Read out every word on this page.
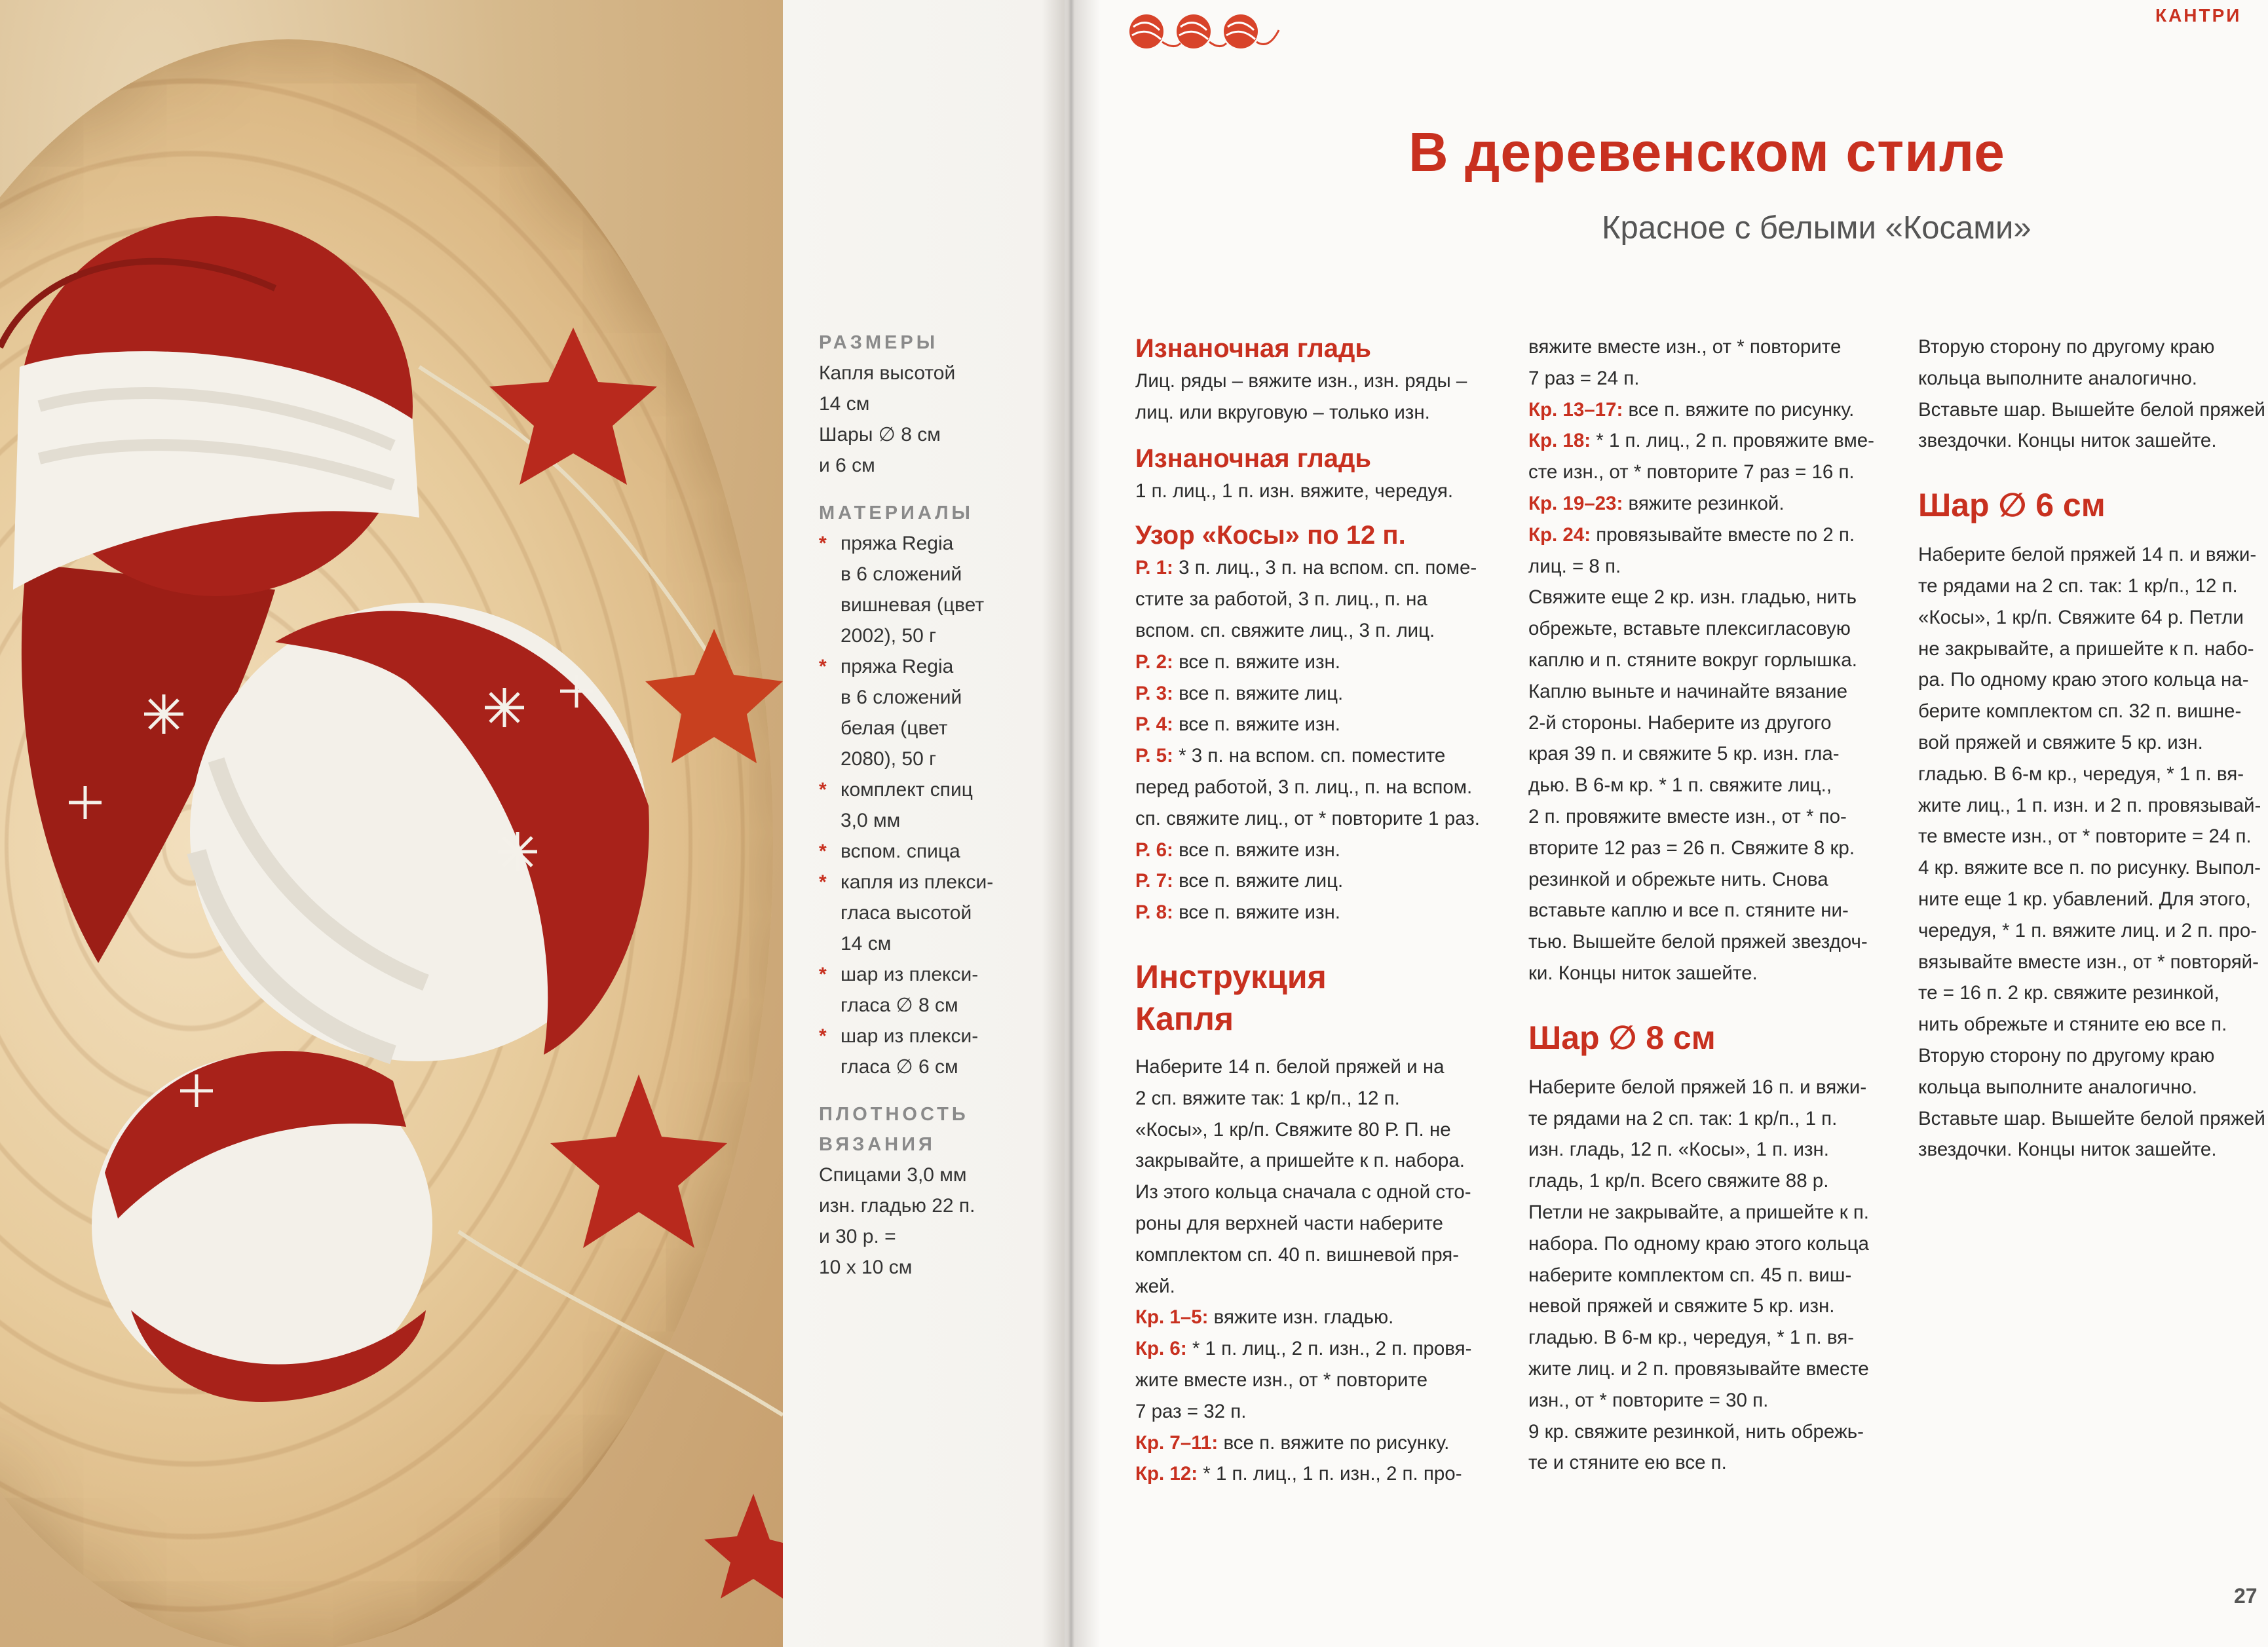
РАЗМЕРЫ
Капля высотой
14 см
Шары ∅ 8 см
и 6 см
МАТЕРИАЛЫ
* пряжа Regia
в 6 сложений
вишневая (цвет
2002), 50 г
* пряжа Regia
в 6 сложений
белая (цвет
2080), 50 г
* комплект спиц
3,0 мм
* вспом. спица
* капля из плекси-
гласа высотой
14 см
* шар из плекси-
гласа ∅ 8 см
* шар из плекси-
гласа ∅ 6 см
ПЛОТНОСТЬ
ВЯЗАНИЯ
Спицами 3,0 мм
изн. гладью 22 п.
и 30 р. =
10 х 10 см
КАНТРИ
В деревенском стиле
Красное с белыми «Косами»

Изнаночная гладь

Лиц. ряды – вяжите изн., изн. ряды –

лиц. или вкруговую – только изн.

Изнаночная гладь

1 п. лиц., 1 п. изн. вяжите, чередуя.

Узор «Косы» по 12 п.

Р. 1: 3 п. лиц., 3 п. на вспом. сп. поме-

стите за работой, 3 п. лиц., п. на

вспом. сп. свяжите лиц., 3 п. лиц.

Р. 2: все п. вяжите изн.

Р. 3: все п. вяжите лиц.

Р. 4: все п. вяжите изн.

Р. 5: * 3 п. на вспом. сп. поместите

перед работой, 3 п. лиц., п. на вспом.

сп. свяжите лиц., от * повторите 1 раз.

Р. 6: все п. вяжите изн.

Р. 7: все п. вяжите лиц.

Р. 8: все п. вяжите изн.

Инструкция

Капля

Наберите 14 п. белой пряжей и на

2 сп. вяжите так: 1 кр/п., 12 п.

«Косы», 1 кр/п. Свяжите 80 Р. П. не

закрывайте, а пришейте к п. набора.

Из этого кольца сначала с одной сто-

роны для верхней части наберите

комплектом сп. 40 п. вишневой пря-

жей.

Кр. 1–5: вяжите изн. гладью.

Кр. 6: * 1 п. лиц., 2 п. изн., 2 п. провя-

жите вместе изн., от * повторите

7 раз = 32 п.

Кр. 7–11: все п. вяжите по рисунку.

Кр. 12: * 1 п. лиц., 1 п. изн., 2 п. про-

вяжите вместе изн., от * повторите

7 раз = 24 п.

Кр. 13–17: все п. вяжите по рисунку.

Кр. 18: * 1 п. лиц., 2 п. провяжите вме-

сте изн., от * повторите 7 раз = 16 п.

Кр. 19–23: вяжите резинкой.

Кр. 24: провязывайте вместе по 2 п.

лиц. = 8 п.

Свяжите еще 2 кр. изн. гладью, нить

обрежьте, вставьте плексигласовую

каплю и п. стяните вокруг горлышка.

Каплю выньте и начинайте вязание

2-й стороны. Наберите из другого

края 39 п. и свяжите 5 кр. изн. гла-

дью. В 6-м кр. * 1 п. свяжите лиц.,

2 п. провяжите вместе изн., от * по-

вторите 12 раз = 26 п. Свяжите 8 кр.

резинкой и обрежьте нить. Снова

вставьте каплю и все п. стяните ни-

тью. Вышейте белой пряжей звездоч-

ки. Концы ниток зашейте.

Шар ∅ 8 см

Наберите белой пряжей 16 п. и вяжи-

те рядами на 2 сп. так: 1 кр/п., 1 п.

изн. гладь, 12 п. «Косы», 1 п. изн.

гладь, 1 кр/п. Всего свяжите 88 р.

Петли не закрывайте, а пришейте к п.

набора. По одному краю этого кольца

наберите комплектом сп. 45 п. виш-

невой пряжей и свяжите 5 кр. изн.

гладью. В 6-м кр., чередуя, * 1 п. вя-

жите лиц. и 2 п. провязывайте вместе

изн., от * повторите = 30 п.

9 кр. свяжите резинкой, нить обрежь-

те и стяните ею все п.

Вторую сторону по другому краю

кольца выполните аналогично.

Вставьте шар. Вышейте белой пряжей

звездочки. Концы ниток зашейте.

Шар ∅ 6 см

Наберите белой пряжей 14 п. и вяжи-

те рядами на 2 сп. так: 1 кр/п., 12 п.

«Косы», 1 кр/п. Свяжите 64 р. Петли

не закрывайте, а пришейте к п. набо-

ра. По одному краю этого кольца на-

берите комплектом сп. 32 п. вишне-

вой пряжей и свяжите 5 кр. изн.

гладью. В 6-м кр., чередуя, * 1 п. вя-

жите лиц., 1 п. изн. и 2 п. провязывай-

те вместе изн., от * повторите = 24 п.

4 кр. вяжите все п. по рисунку. Выпол-

ните еще 1 кр. убавлений. Для этого,

чередуя, * 1 п. вяжите лиц. и 2 п. про-

вязывайте вместе изн., от * повторяй-

те = 16 п. 2 кр. свяжите резинкой,

нить обрежьте и стяните ею все п.

Вторую сторону по другому краю

кольца выполните аналогично.

Вставьте шар. Вышейте белой пряжей

звездочки. Концы ниток зашейте.

27
